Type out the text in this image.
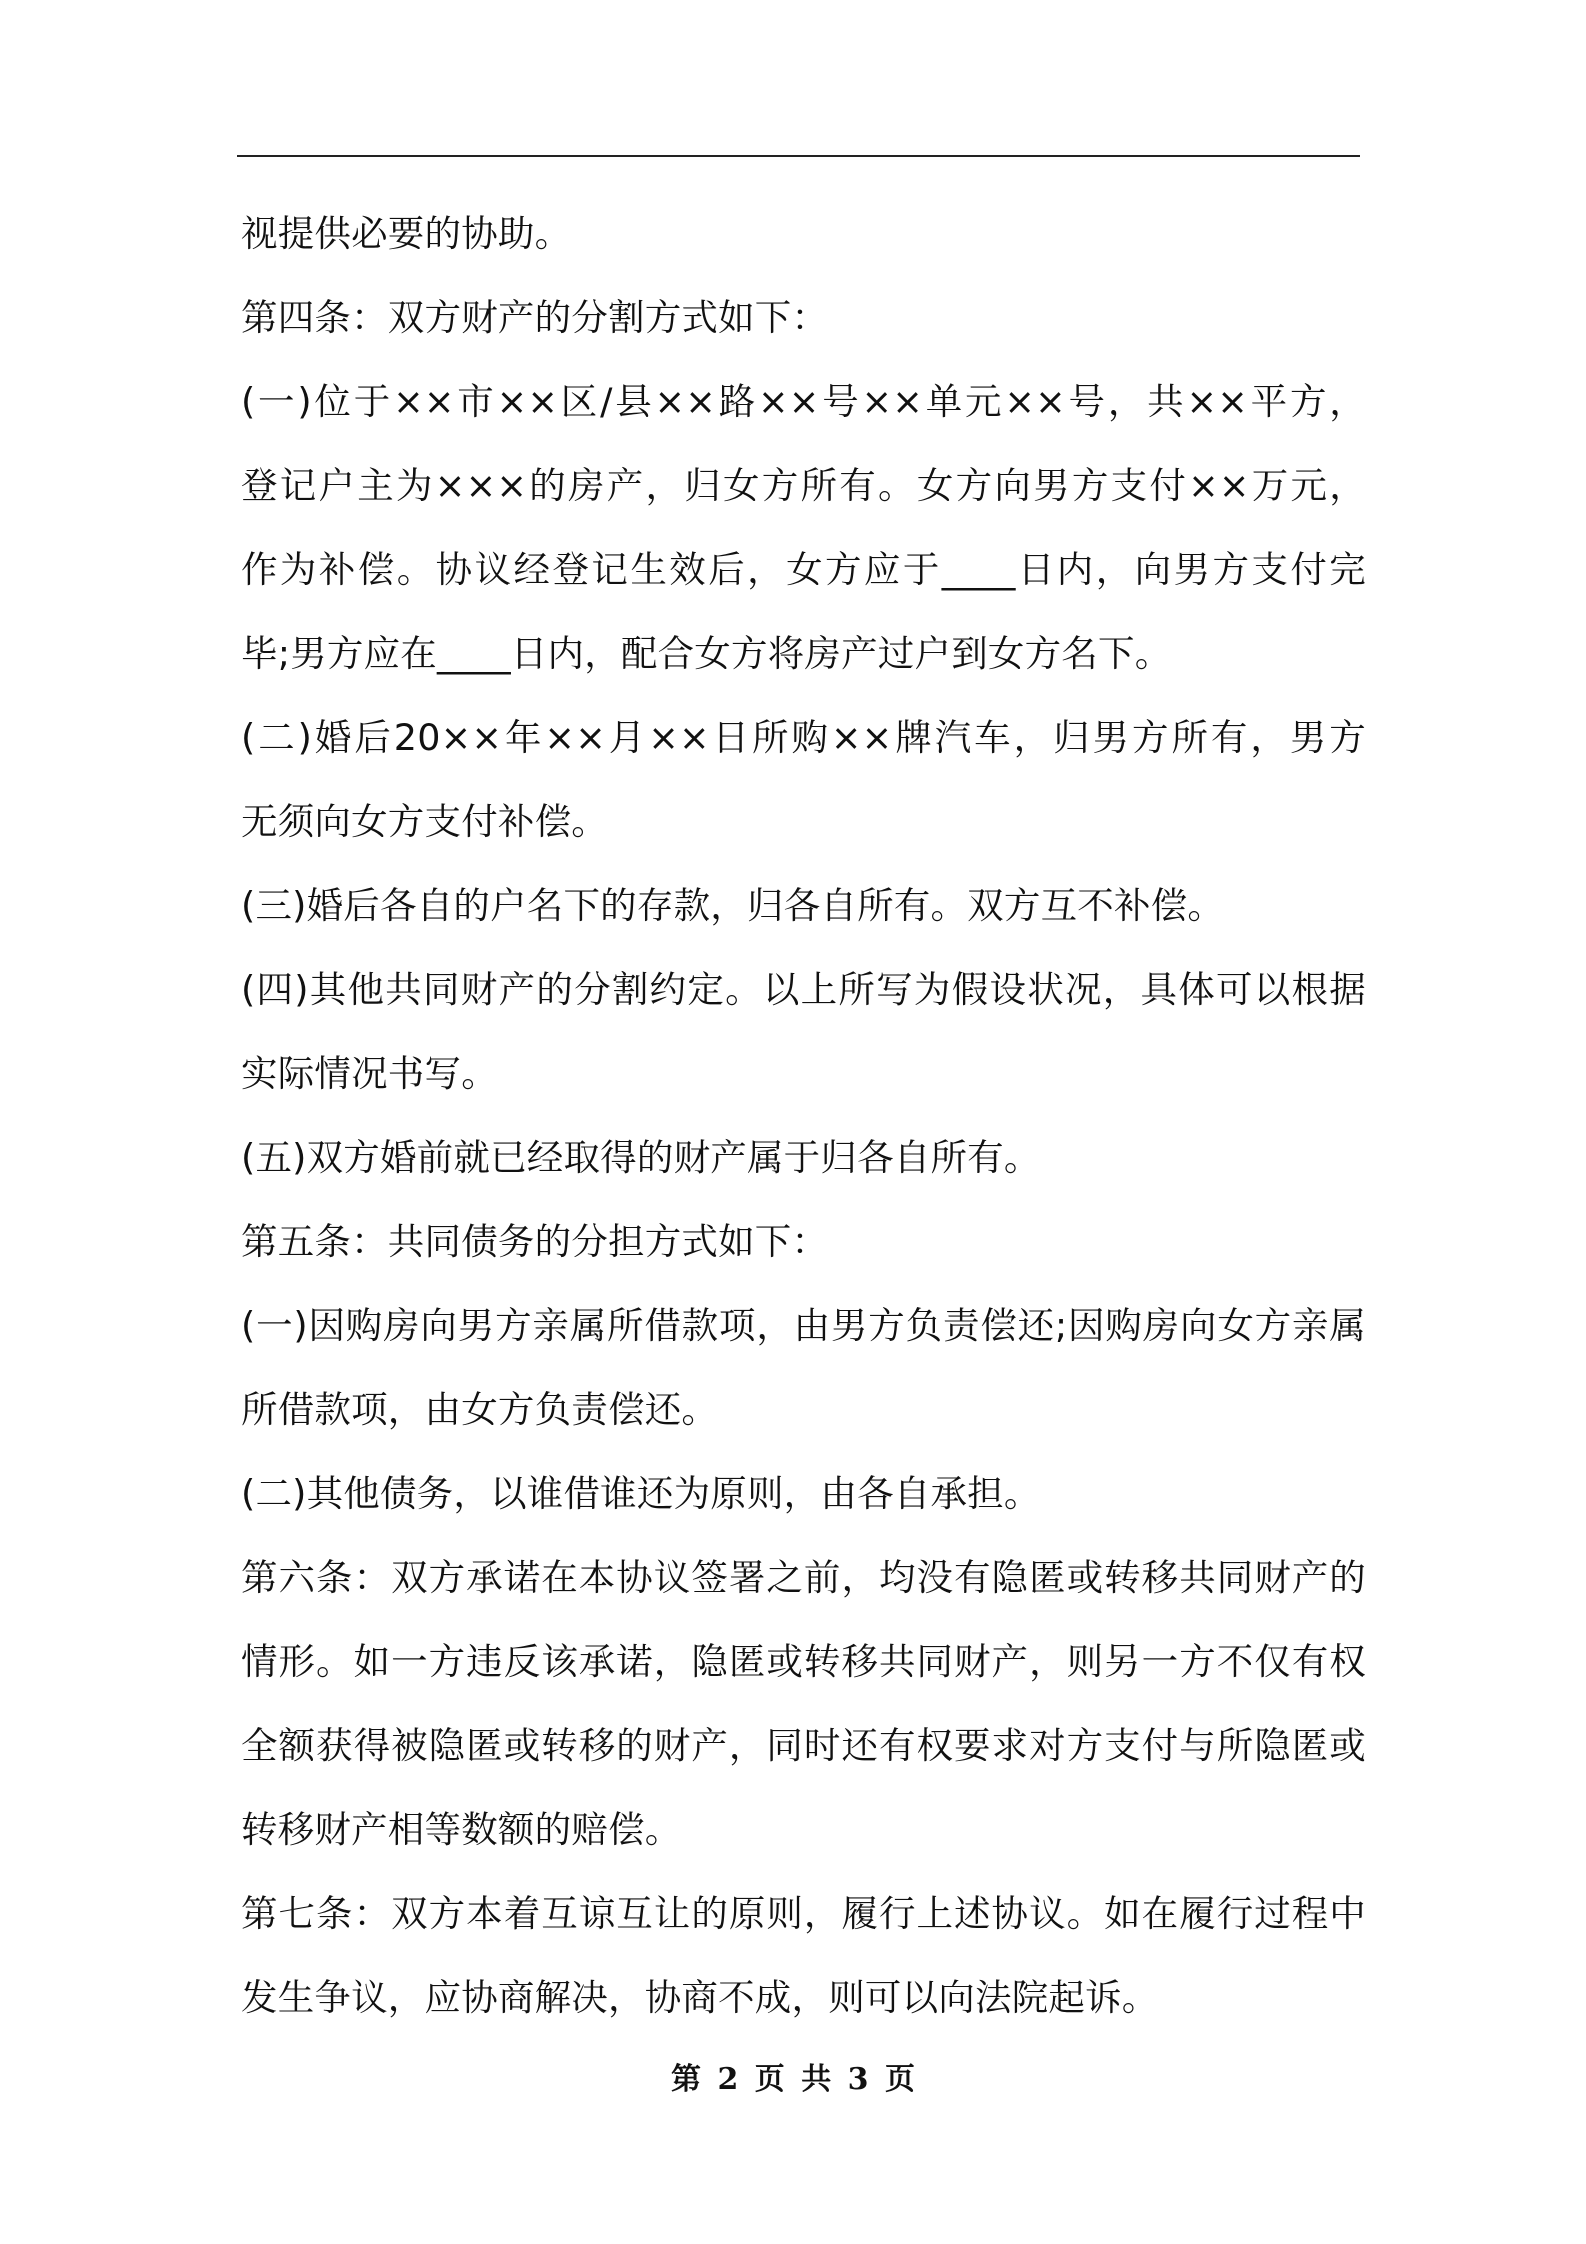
视提供必要的协助。
第四条：双方财产的分割方式如下：
(一)位于××市××区/县××路××号××单元××号，共××平方，
登记户主为×××的房产，归女方所有。女方向男方支付××万元，
作为补偿。协议经登记生效后，女方应于____日内，向男方支付完
毕;男方应在____日内，配合女方将房产过户到女方名下。
(二)婚后20××年××月××日所购××牌汽车，归男方所有，男方
无须向女方支付补偿。
(三)婚后各自的户名下的存款，归各自所有。双方互不补偿。
(四)其他共同财产的分割约定。以上所写为假设状况，具体可以根据
实际情况书写。
(五)双方婚前就已经取得的财产属于归各自所有。
第五条：共同债务的分担方式如下：
(一)因购房向男方亲属所借款项，由男方负责偿还;因购房向女方亲属
所借款项，由女方负责偿还。
(二)其他债务，以谁借谁还为原则，由各自承担。
第六条：双方承诺在本协议签署之前，均没有隐匿或转移共同财产的
情形。如一方违反该承诺，隐匿或转移共同财产，则另一方不仅有权
全额获得被隐匿或转移的财产，同时还有权要求对方支付与所隐匿或
转移财产相等数额的赔偿。
第七条：双方本着互谅互让的原则，履行上述协议。如在履行过程中
发生争议，应协商解决，协商不成，则可以向法院起诉。
第 2 页 共 3 页
